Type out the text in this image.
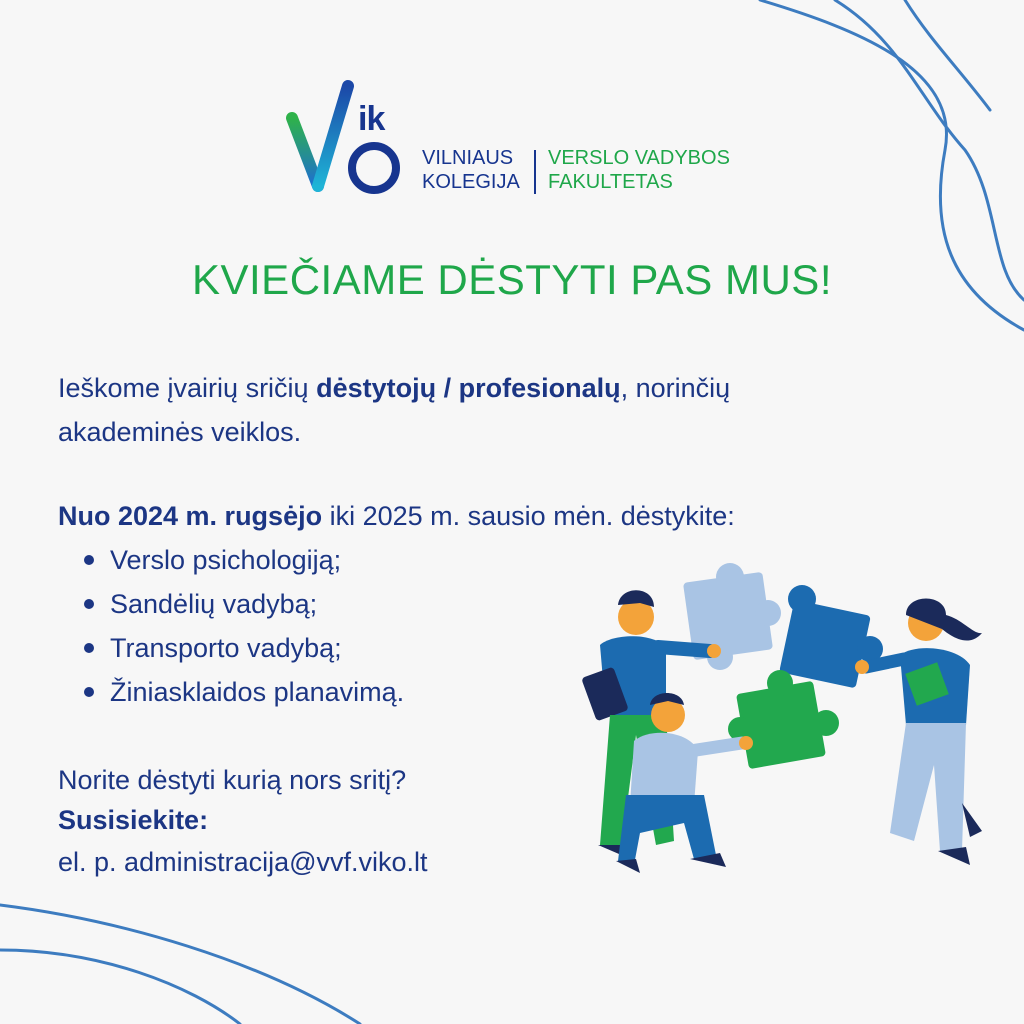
ik
VILNIAUS
KOLEGIJA
VERSLO VADYBOS
FAKULTETAS
KVIEČIAME DĖSTYTI PAS MUS!

Ieškome įvairių sričių dėstytojų / profesionalų, norinčių
akademinės veiklos.

Nuo 2024 m. rugsėjo iki 2025 m. sausio mėn. dėstykite:

Verslo psichologiją;
Sandėlių vadybą;
Transporto vadybą;
Žiniasklaidos planavimą.

Norite dėstyti kurią nors sritį?

Susisiekite:

el. p. administracija@vvf.viko.lt
